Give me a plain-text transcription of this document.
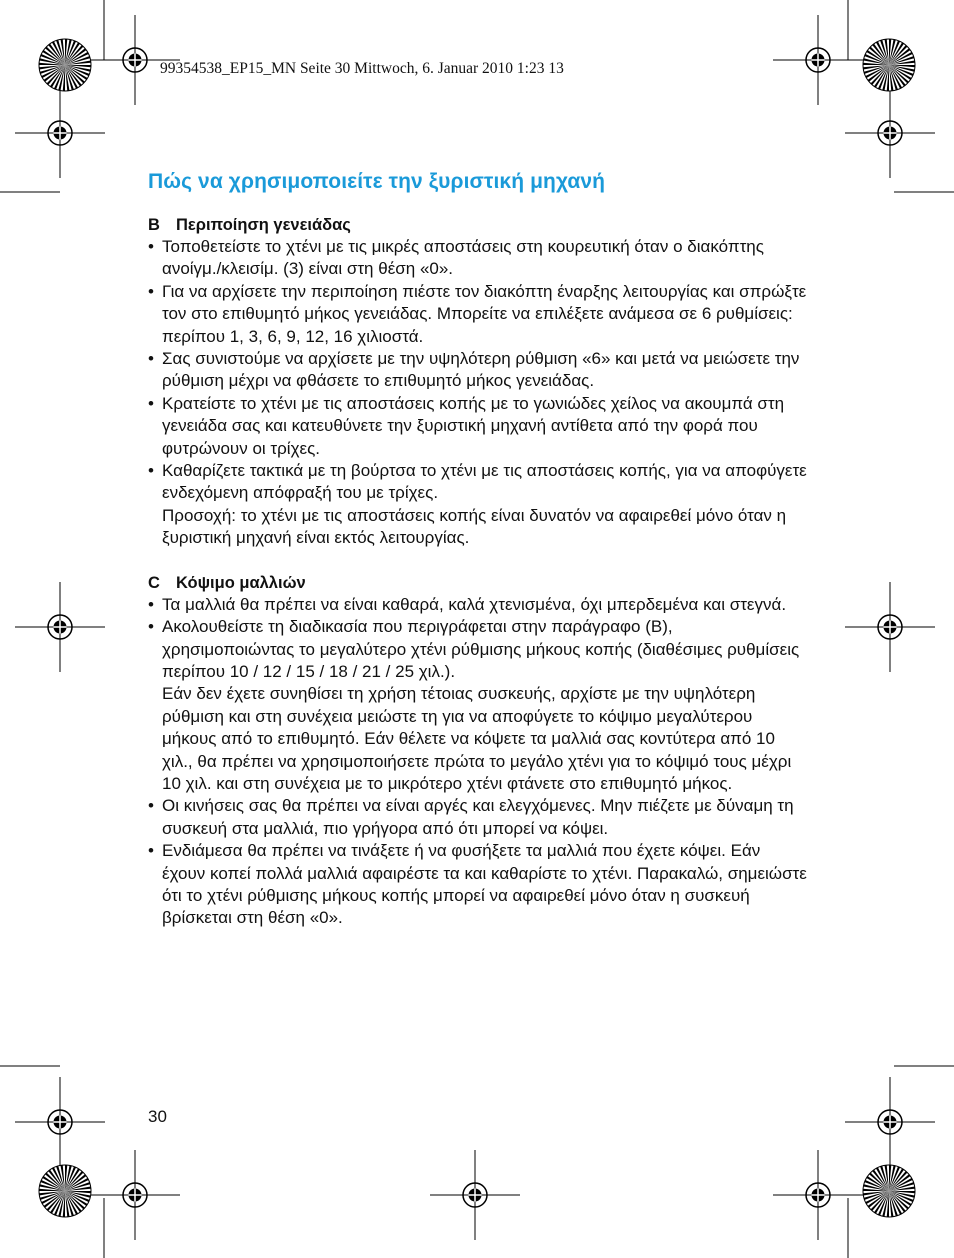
99354538_EP15_MN Seite 30 Mittwoch, 6. Januar 2010 1:23 13
Πώς να χρησιμοποιείτε την ξυριστική μηχανή
B Περιποίηση γενειάδας

• Τοποθετείστε το χτένι με τις μικρές αποστάσεις στη κουρευτική όταν ο διακόπτης ανοίγμ./κλεισίμ. (3) είναι στη θέση «0».

• Για να αρχίσετε την περιποίηση πιέστε τον διακόπτη έναρξης λειτουργίας και σπρώξτε τον στο επιθυμητό μήκος γενειάδας. Μπορείτε να επιλέξετε ανάμεσα σε 6 ρυθμίσεις: περίπου 1, 3, 6, 9, 12, 16 χιλιοστά.

• Σας συνιστούμε να αρχίσετε με την υψηλότερη ρύθμιση «6» και μετά να μειώσετε την ρύθμιση μέχρι να φθάσετε το επιθυμητό μήκος γενειάδας.

• Κρατείστε το χτένι με τις αποστάσεις κοπής με το γωνιώδες χείλος να ακουμπά στη γενειάδα σας και κατευθύνετε την ξυριστική μηχανή αντίθετα από την φορά που φυτρώνουν οι τρίχες.

• Καθαρίζετε τακτικά με τη βούρτσα το χτένι με τις αποστάσεις κοπής, για να αποφύγετε ενδεχόμενη απόφραξή του με τρίχες.

Προσοχή: το χτένι με τις αποστάσεις κοπής είναι δυνατόν να αφαιρεθεί μόνο όταν η ξυριστική μηχανή είναι εκτός λειτουργίας.

C Κόψιμο μαλλιών

• Τα μαλλιά θα πρέπει να είναι καθαρά, καλά χτενισμένα, όχι μπερδεμένα και στεγνά.

• Ακολουθείστε τη διαδικασία που περιγράφεται στην παράγραφο (B), χρησιμοποιώντας το μεγαλύτερο χτένι ρύθμισης μήκους κοπής (διαθέσιμες ρυθμίσεις περίπου 10 / 12 / 15 / 18 / 21 / 25 χιλ.).

Εάν δεν έχετε συνηθίσει τη χρήση τέτοιας συσκευής, αρχίστε με την υψηλότερη ρύθμιση και στη συνέχεια μειώστε τη για να αποφύγετε το κόψιμο μεγαλύτερου μήκους από το επιθυμητό. Εάν θέλετε να κόψετε τα μαλλιά σας κοντύτερα από 10 χιλ., θα πρέπει να χρησιμοποιήσετε πρώτα το μεγάλο χτένι για το κόψιμό τους μέχρι 10 χιλ. και στη συνέχεια με το μικρότερο χτένι φτάνετε στο επιθυμητό μήκος.

• Οι κινήσεις σας θα πρέπει να είναι αργές και ελεγχόμενες. Μην πιέζετε με δύναμη τη συσκευή στα μαλλιά, πιο γρήγορα από ότι μπορεί να κόψει.

• Ενδιάμεσα θα πρέπει να τινάξετε ή να φυσήξετε τα μαλλιά που έχετε κόψει. Εάν έχουν κοπεί πολλά μαλλιά αφαιρέστε τα και καθαρίστε το χτένι. Παρακαλώ, σημειώστε ότι το χτένι ρύθμισης μήκους κοπής μπορεί να αφαιρεθεί μόνο όταν η συσκευή βρίσκεται στη θέση «0».

30
